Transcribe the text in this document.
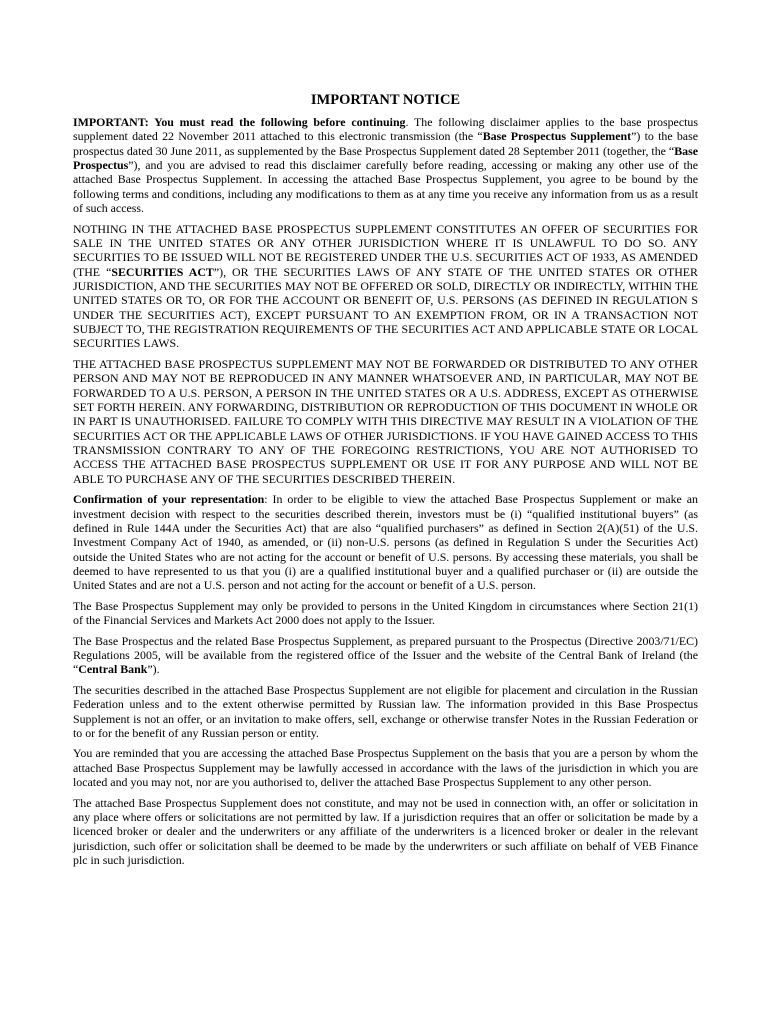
IMPORTANT NOTICE

IMPORTANT: You must read the following before continuing. The following disclaimer applies to the base prospectus supplement dated 22 November 2011 attached to this electronic transmission (the “Base Prospectus Supplement”) to the base prospectus dated 30 June 2011, as supplemented by the Base Prospectus Supplement dated 28 September 2011 (together, the “Base Prospectus”), and you are advised to read this disclaimer carefully before reading, accessing or making any other use of the attached Base Prospectus Supplement. In accessing the attached Base Prospectus Supplement, you agree to be bound by the following terms and conditions, including any modifications to them as at any time you receive any information from us as a result of such access.

NOTHING IN THE ATTACHED BASE PROSPECTUS SUPPLEMENT CONSTITUTES AN OFFER OF SECURITIES FOR SALE IN THE UNITED STATES OR ANY OTHER JURISDICTION WHERE IT IS UNLAWFUL TO DO SO. ANY SECURITIES TO BE ISSUED WILL NOT BE REGISTERED UNDER THE U.S. SECURITIES ACT OF 1933, AS AMENDED (THE “SECURITIES ACT”), OR THE SECURITIES LAWS OF ANY STATE OF THE UNITED STATES OR OTHER JURISDICTION, AND THE SECURITIES MAY NOT BE OFFERED OR SOLD, DIRECTLY OR INDIRECTLY, WITHIN THE UNITED STATES OR TO, OR FOR THE ACCOUNT OR BENEFIT OF, U.S. PERSONS (AS DEFINED IN REGULATION S UNDER THE SECURITIES ACT), EXCEPT PURSUANT TO AN EXEMPTION FROM, OR IN A TRANSACTION NOT SUBJECT TO, THE REGISTRATION REQUIREMENTS OF THE SECURITIES ACT AND APPLICABLE STATE OR LOCAL SECURITIES LAWS.

THE ATTACHED BASE PROSPECTUS SUPPLEMENT MAY NOT BE FORWARDED OR DISTRIBUTED TO ANY OTHER PERSON AND MAY NOT BE REPRODUCED IN ANY MANNER WHATSOEVER AND, IN PARTICULAR, MAY NOT BE FORWARDED TO A U.S. PERSON, A PERSON IN THE UNITED STATES OR A U.S. ADDRESS, EXCEPT AS OTHERWISE SET FORTH HEREIN. ANY FORWARDING, DISTRIBUTION OR REPRODUCTION OF THIS DOCUMENT IN WHOLE OR IN PART IS UNAUTHORISED. FAILURE TO COMPLY WITH THIS DIRECTIVE MAY RESULT IN A VIOLATION OF THE SECURITIES ACT OR THE APPLICABLE LAWS OF OTHER JURISDICTIONS. IF YOU HAVE GAINED ACCESS TO THIS TRANSMISSION CONTRARY TO ANY OF THE FOREGOING RESTRICTIONS, YOU ARE NOT AUTHORISED TO ACCESS THE ATTACHED BASE PROSPECTUS SUPPLEMENT OR USE IT FOR ANY PURPOSE AND WILL NOT BE ABLE TO PURCHASE ANY OF THE SECURITIES DESCRIBED THEREIN.

Confirmation of your representation: In order to be eligible to view the attached Base Prospectus Supplement or make an investment decision with respect to the securities described therein, investors must be (i) “qualified institutional buyers” (as defined in Rule 144A under the Securities Act) that are also “qualified purchasers” as defined in Section 2(A)(51) of the U.S. Investment Company Act of 1940, as amended, or (ii) non-U.S. persons (as defined in Regulation S under the Securities Act) outside the United States who are not acting for the account or benefit of U.S. persons. By accessing these materials, you shall be deemed to have represented to us that you (i) are a qualified institutional buyer and a qualified purchaser or (ii) are outside the United States and are not a U.S. person and not acting for the account or benefit of a U.S. person.

The Base Prospectus Supplement may only be provided to persons in the United Kingdom in circumstances where Section 21(1) of the Financial Services and Markets Act 2000 does not apply to the Issuer.

The Base Prospectus and the related Base Prospectus Supplement, as prepared pursuant to the Prospectus (Directive 2003/71/EC) Regulations 2005, will be available from the registered office of the Issuer and the website of the Central Bank of Ireland (the “Central Bank”).

The securities described in the attached Base Prospectus Supplement are not eligible for placement and circulation in the Russian Federation unless and to the extent otherwise permitted by Russian law. The information provided in this Base Prospectus Supplement is not an offer, or an invitation to make offers, sell, exchange or otherwise transfer Notes in the Russian Federation or to or for the benefit of any Russian person or entity.

You are reminded that you are accessing the attached Base Prospectus Supplement on the basis that you are a person by whom the attached Base Prospectus Supplement may be lawfully accessed in accordance with the laws of the jurisdiction in which you are located and you may not, nor are you authorised to, deliver the attached Base Prospectus Supplement to any other person.

The attached Base Prospectus Supplement does not constitute, and may not be used in connection with, an offer or solicitation in any place where offers or solicitations are not permitted by law. If a jurisdiction requires that an offer or solicitation be made by a licenced broker or dealer and the underwriters or any affiliate of the underwriters is a licenced broker or dealer in the relevant jurisdiction, such offer or solicitation shall be deemed to be made by the underwriters or such affiliate on behalf of VEB Finance plc in such jurisdiction.
